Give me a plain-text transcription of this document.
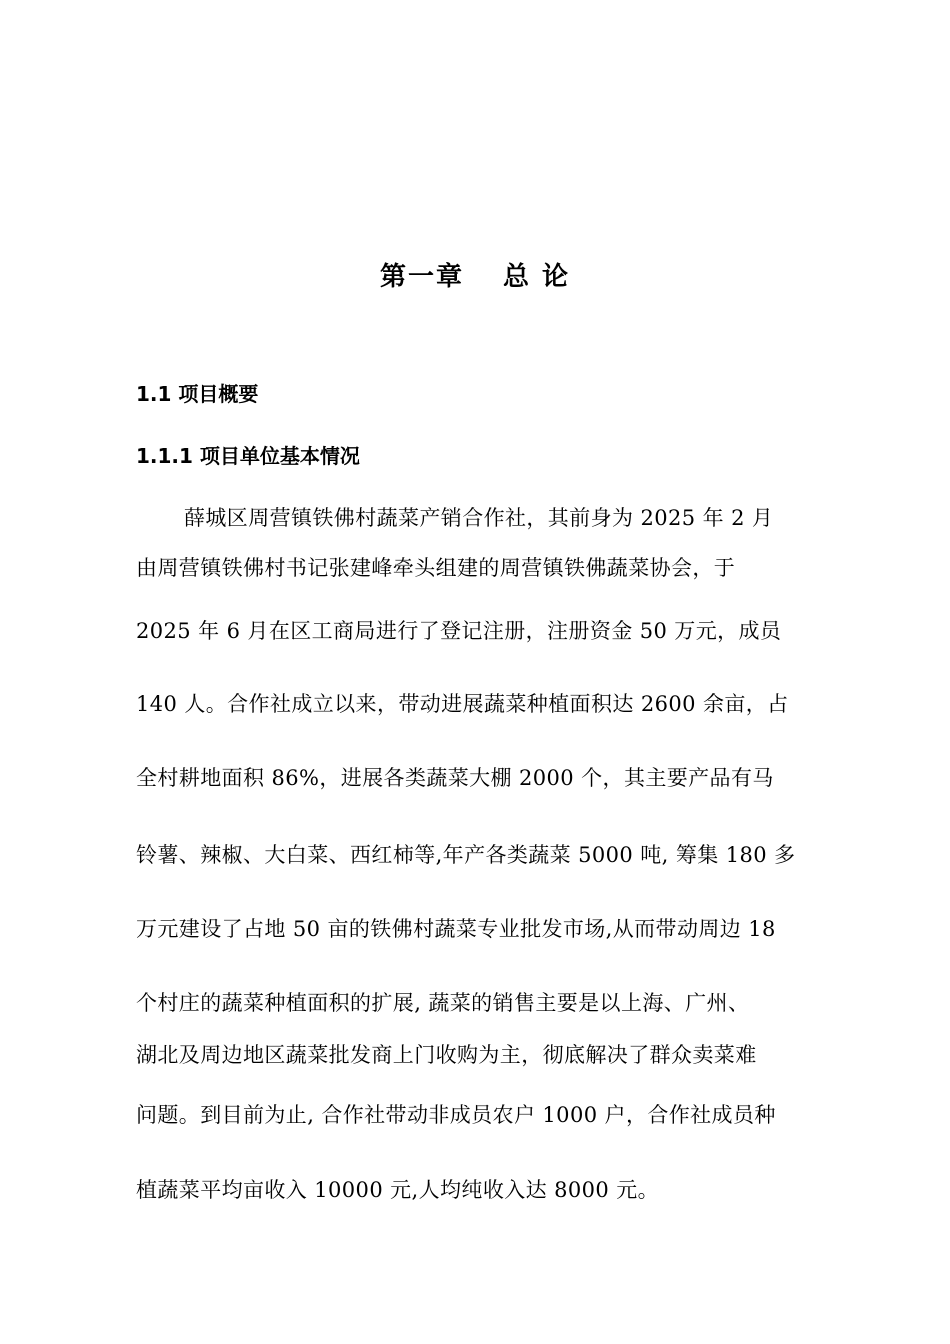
第一章　 总 论
1.1 项目概要
1.1.1 项目单位基本情况
薛城区周营镇铁佛村蔬菜产销合作社，其前身为 2025 年 2 月
由周营镇铁佛村书记张建峰牵头组建的周营镇铁佛蔬菜协会，于
2025 年 6 月在区工商局进行了登记注册，注册资金 50 万元，成员
140 人。合作社成立以来，带动进展蔬菜种植面积达 2600 余亩，占
全村耕地面积 86%，进展各类蔬菜大棚 2000 个，其主要产品有马
铃薯、辣椒、大白菜、西红柿等,年产各类蔬菜 5000 吨, 筹集 180 多
万元建设了占地 50 亩的铁佛村蔬菜专业批发市场,从而带动周边 18
个村庄的蔬菜种植面积的扩展, 蔬菜的销售主要是以上海、广州、
湖北及周边地区蔬菜批发商上门收购为主，彻底解决了群众卖菜难
问题。到目前为止, 合作社带动非成员农户 1000 户，合作社成员种
植蔬菜平均亩收入 10000 元,人均纯收入达 8000 元。
